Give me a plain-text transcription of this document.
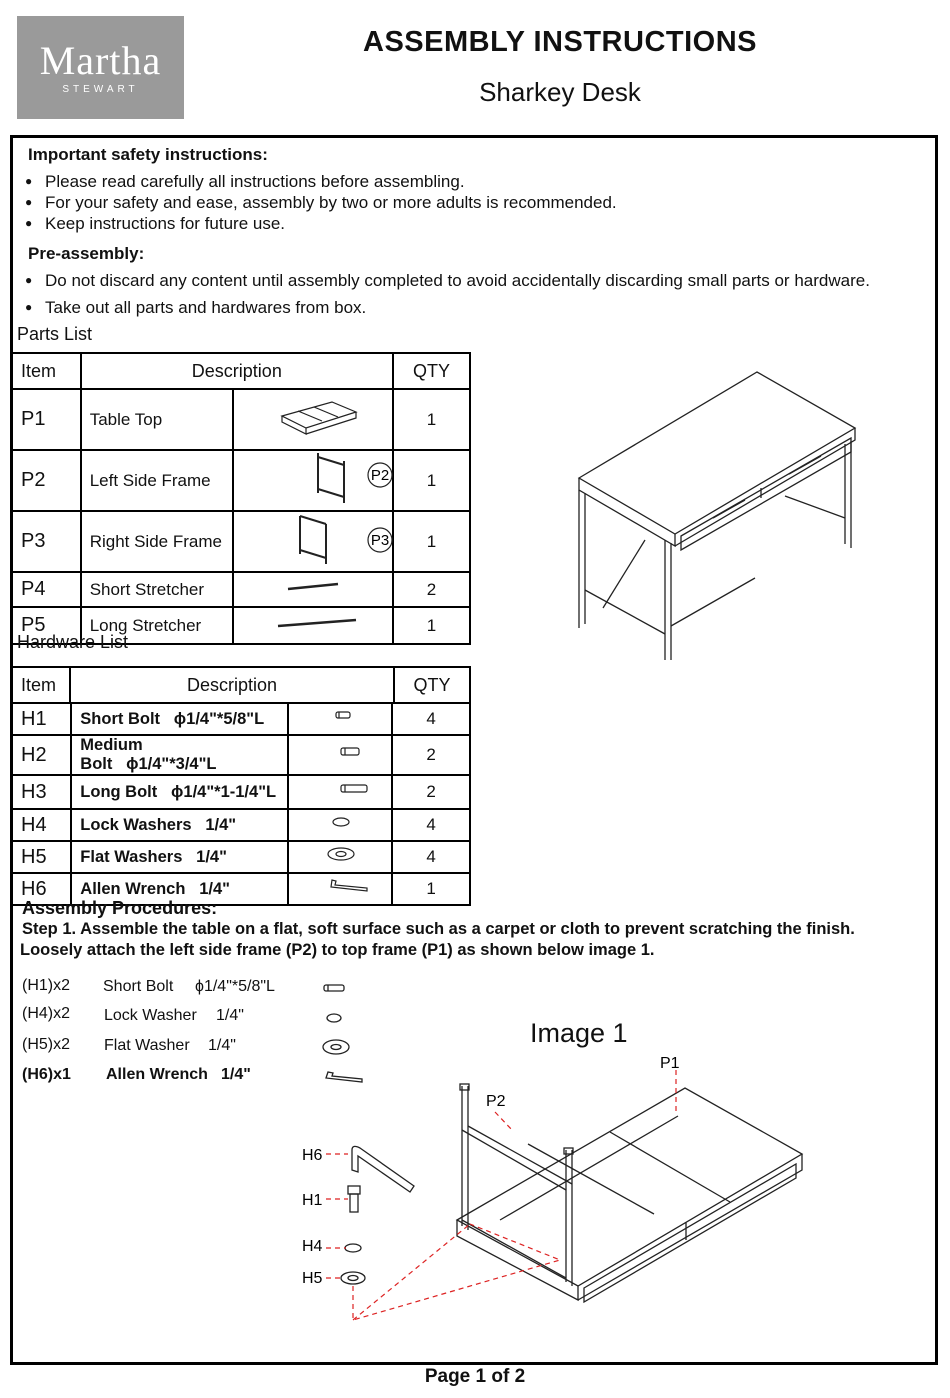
Martha
STEWART
ASSEMBLY INSTRUCTIONS
Sharkey Desk
Important safety instructions:
● Please read carefully all instructions before assembling.
● For your safety and ease, assembly by two or more adults is recommended.
● Keep instructions for future use.
Pre-assembly:
● Do not discard any content until assembly completed to avoid accidentally discarding small parts or hardware.
● Take out all parts and hardwares from box.
Parts List
Item	Description		QTY
P1	Table Top		1
P2	Left Side Frame	P2	1
P3	Right Side Frame	P3	1
P4	Short Stretcher		2
P5	Long Stretcher		1
Hardware List
Item	Description	QTY
H1	Short Bolt ϕ1/4"*5/8"L		4
H2	Medium Bolt ϕ1/4"*3/4"L		2
H3	Long Bolt ϕ1/4"*1-1/4"L		2
H4	Lock Washers 1/4"		4
H5	Flat Washers 1/4"		4
H6	Allen Wrench 1/4"		1
Assembly Procedures:
Step 1. Assemble the table on a flat, soft surface such as a carpet or cloth to prevent scratching the finish.
Loosely attach the left side frame (P2) to top frame (P1) as shown below image 1.
(H1)x2 Short Bolt ϕ1/4"*5/8"L
(H4)x2 Lock Washer 1/4"
(H5)x2 Flat Washer 1/4"
(H6)x1 Allen Wrench 1/4"
Image 1
P1
P2
H6
H1
H4
H5
Page 1 of 2
